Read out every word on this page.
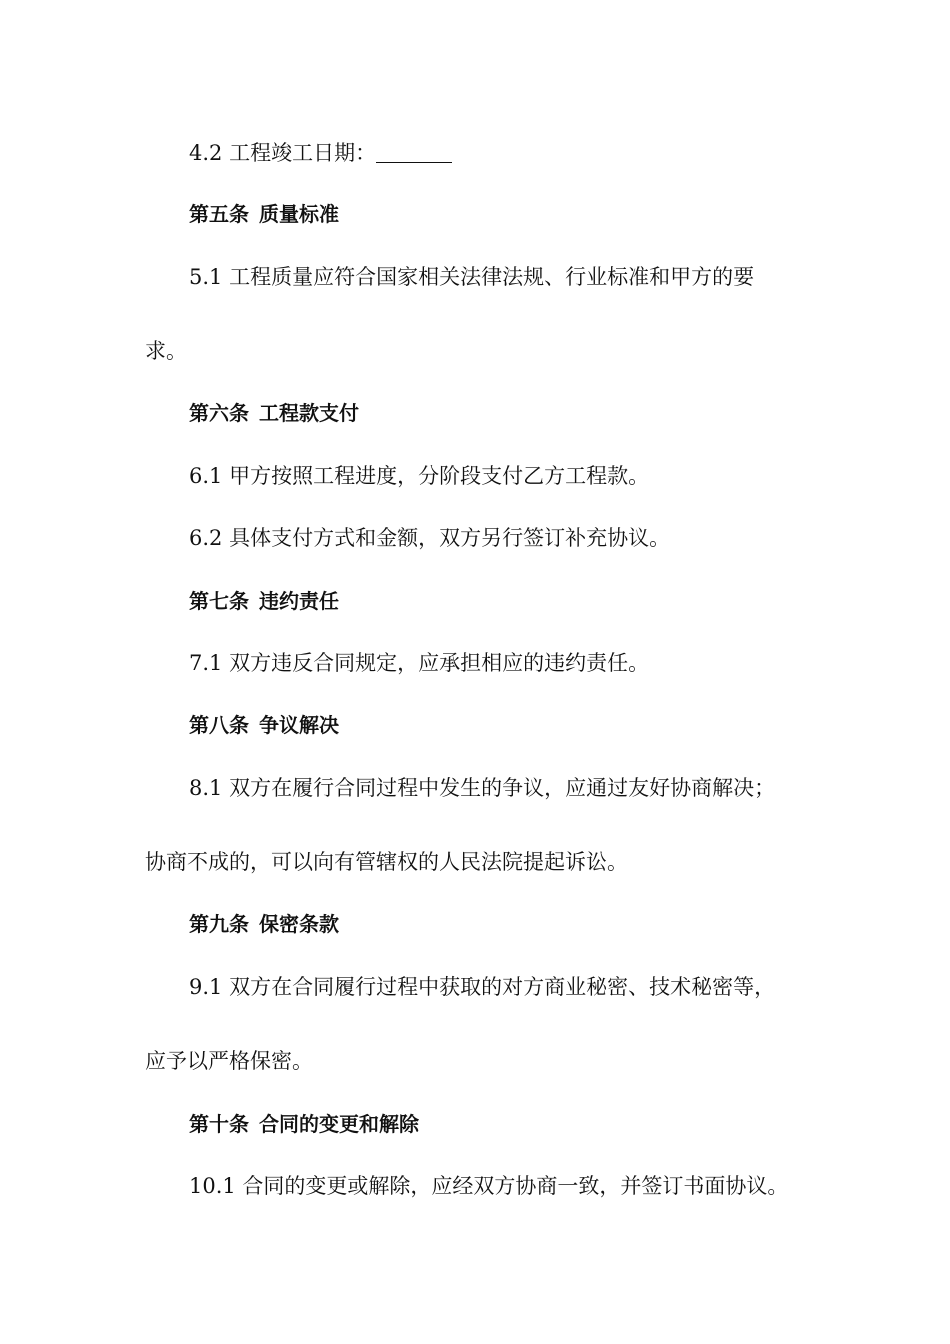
4.2 工程竣工日期：
第五条 质量标准
5.1 工程质量应符合国家相关法律法规、行业标准和甲方的要
求。
第六条 工程款支付
6.1 甲方按照工程进度，分阶段支付乙方工程款。
6.2 具体支付方式和金额，双方另行签订补充协议。
第七条 违约责任
7.1 双方违反合同规定，应承担相应的违约责任。
第八条 争议解决
8.1 双方在履行合同过程中发生的争议，应通过友好协商解决；
协商不成的，可以向有管辖权的人民法院提起诉讼。
第九条 保密条款
9.1 双方在合同履行过程中获取的对方商业秘密、技术秘密等，
应予以严格保密。
第十条 合同的变更和解除
10.1 合同的变更或解除，应经双方协商一致，并签订书面协议。
